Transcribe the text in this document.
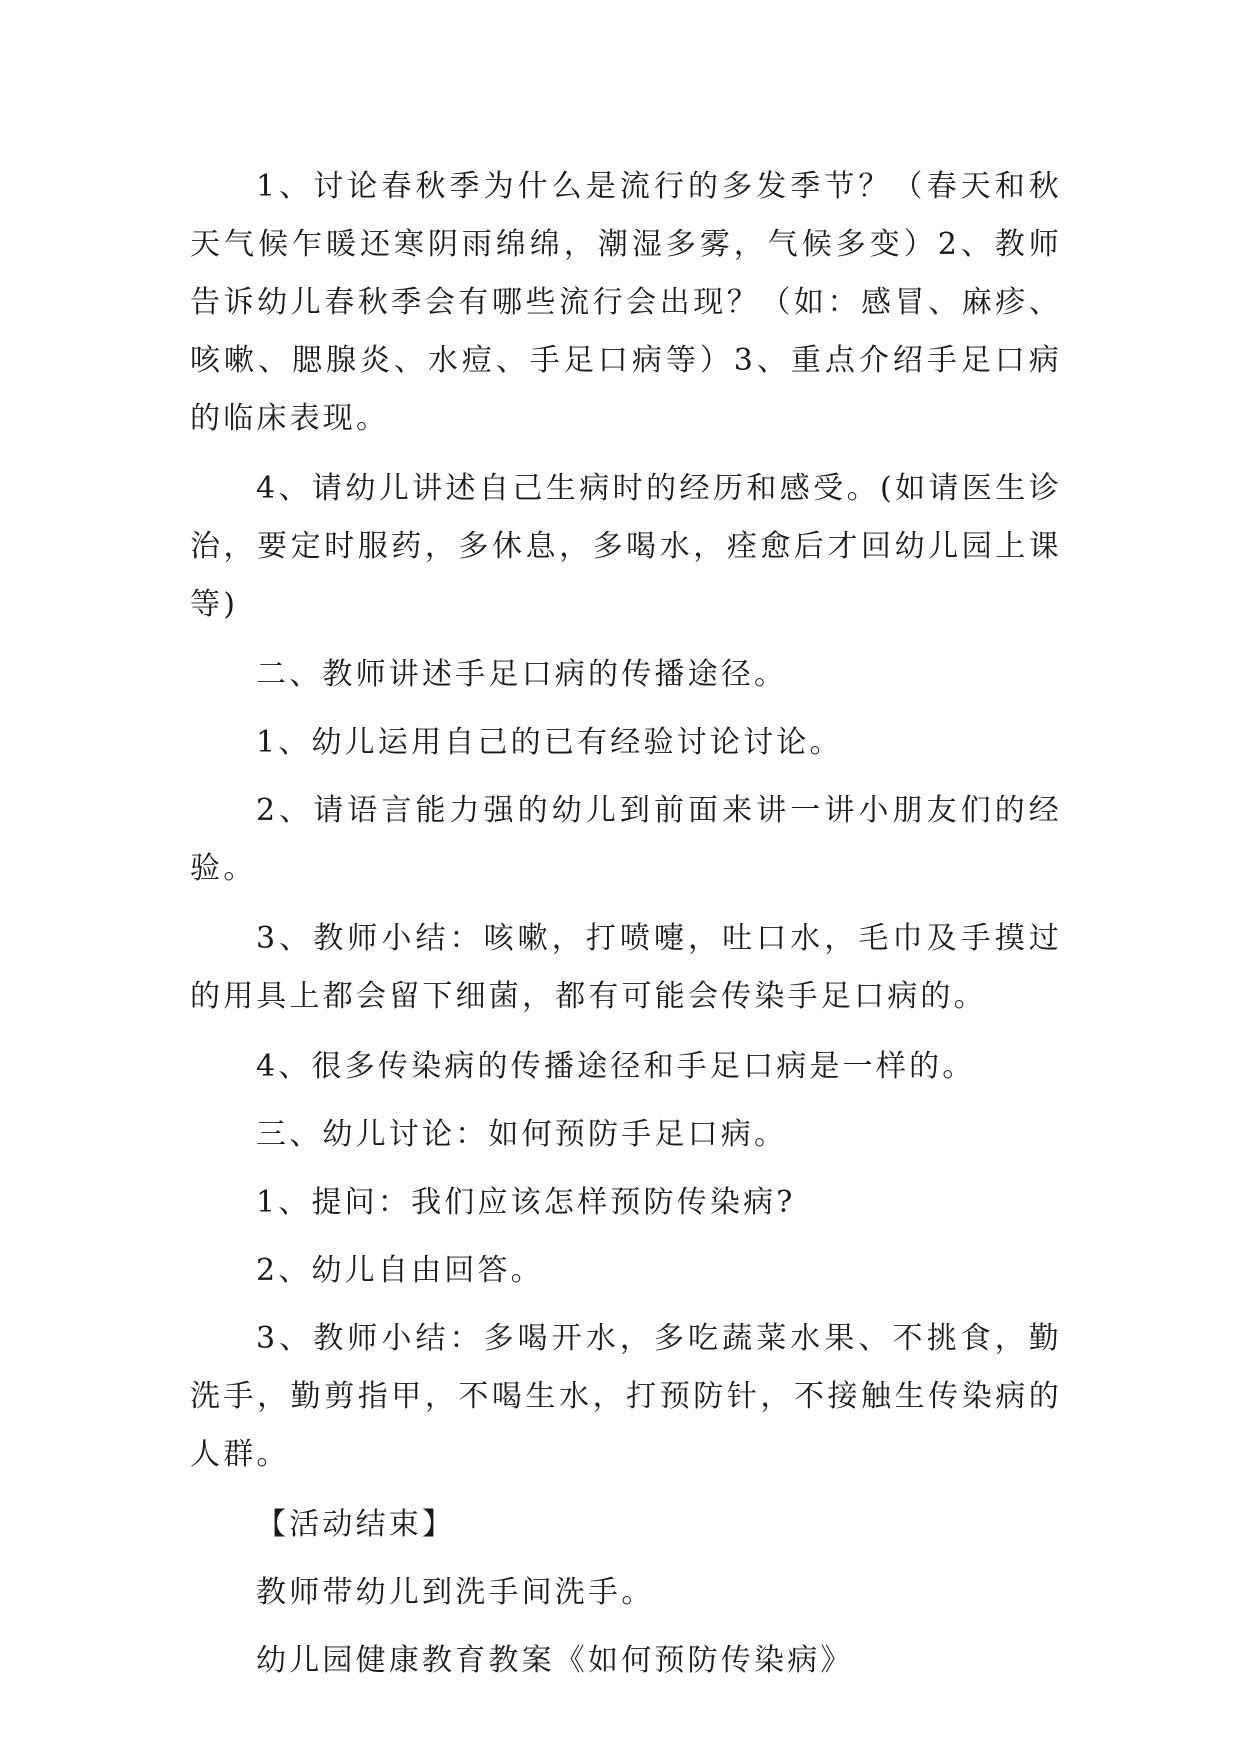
1、讨论春秋季为什么是流行的多发季节？（春天和秋天气候乍暖还寒阴雨绵绵，潮湿多雾，气候多变）2、教师告诉幼儿春秋季会有哪些流行会出现？（如：感冒、麻疹、咳嗽、腮腺炎、水痘、手足口病等）3、重点介绍手足口病的临床表现。

4、请幼儿讲述自己生病时的经历和感受。(如请医生诊治，要定时服药，多休息，多喝水，痊愈后才回幼儿园上课等)

二、教师讲述手足口病的传播途径。

1、幼儿运用自己的已有经验讨论讨论。

2、请语言能力强的幼儿到前面来讲一讲小朋友们的经验。

3、教师小结：咳嗽，打喷嚏，吐口水，毛巾及手摸过的用具上都会留下细菌，都有可能会传染手足口病的。

4、很多传染病的传播途径和手足口病是一样的。

三、幼儿讨论：如何预防手足口病。

1、提问：我们应该怎样预防传染病?

2、幼儿自由回答。

3、教师小结：多喝开水，多吃蔬菜水果、不挑食，勤洗手，勤剪指甲，不喝生水，打预防针，不接触生传染病的人群。

【活动结束】

教师带幼儿到洗手间洗手。

幼儿园健康教育教案《如何预防传染病》
